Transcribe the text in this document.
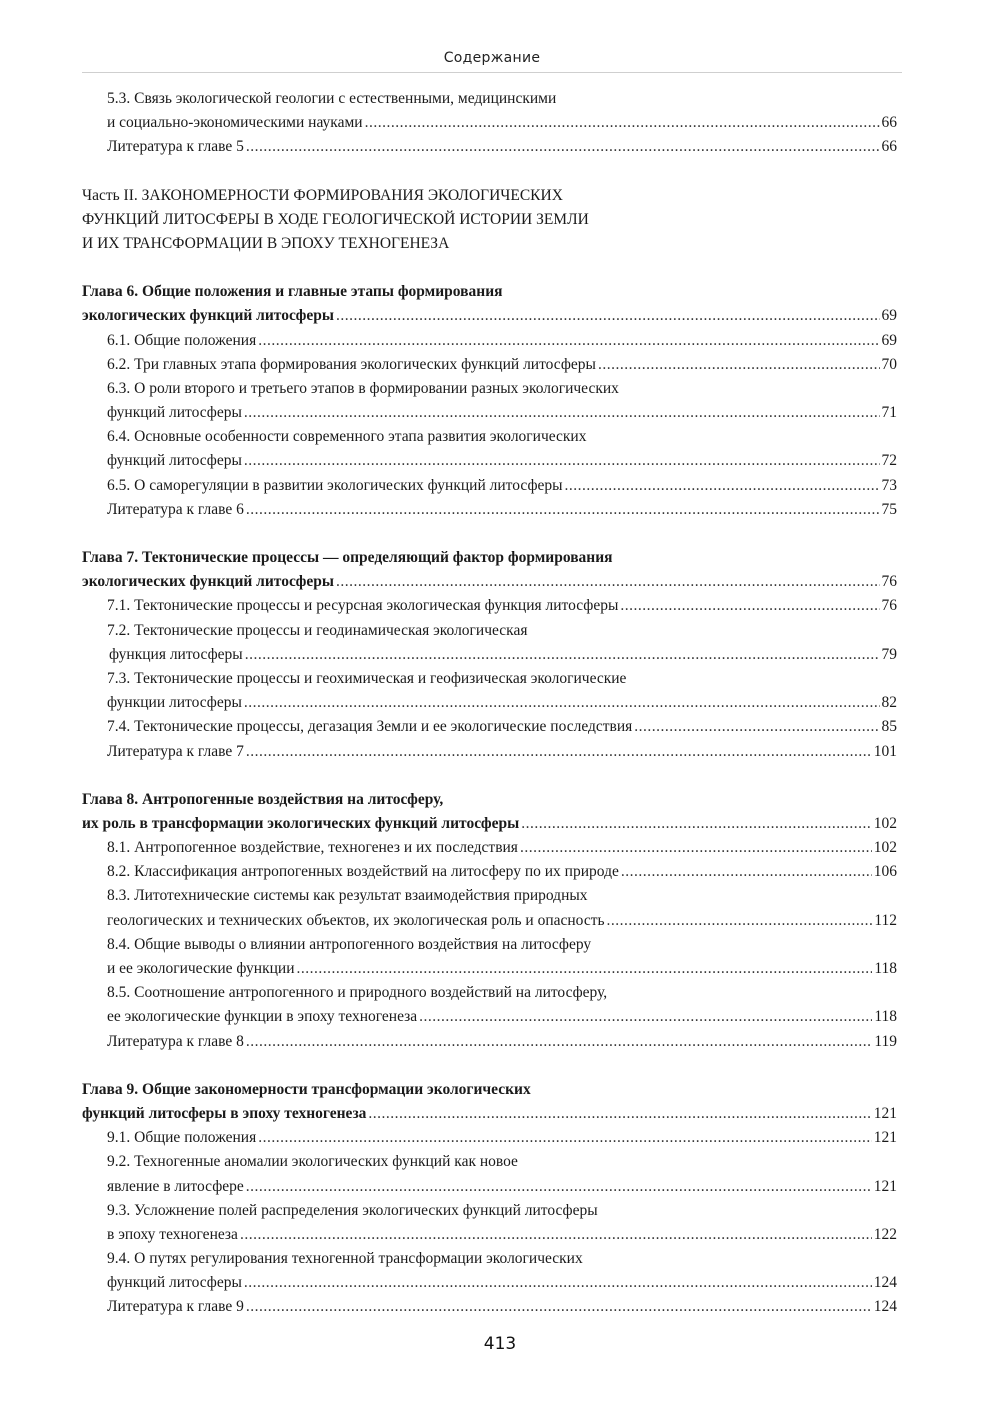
Содержание
5.3. Связь экологической геологии с естественными, медицинскими
и социально-экономическими науками .....	66
Литература к главе 5 .....	66
Часть II. ЗАКОНОМЕРНОСТИ ФОРМИРОВАНИЯ ЭКОЛОГИЧЕСКИХ
ФУНКЦИЙ ЛИТОСФЕРЫ В ХОДЕ ГЕОЛОГИЧЕСКОЙ ИСТОРИИ ЗЕМЛИ
И ИХ ТРАНСФОРМАЦИИ В ЭПОХУ ТЕХНОГЕНЕЗА
Глава 6. Общие положения и главные этапы формирования
экологических функций литосферы .....	69
6.1. Общие положения .....	69
6.2. Три главных этапа формирования экологических функций литосферы .....	70
6.3. О роли второго и третьего этапов в формировании разных экологических
функций литосферы .....	71
6.4. Основные особенности современного этапа развития экологических
функций литосферы .....	72
6.5. О саморегуляции в развитии экологических функций литосферы .....	73
Литература к главе 6 .....	75
Глава 7. Тектонические процессы — определяющий фактор формирования
экологических функций литосферы .....	76
7.1. Тектонические процессы и ресурсная экологическая функция литосферы .....	76
7.2. Тектонические процессы и геодинамическая экологическая
функция литосферы .....	79
7.3. Тектонические процессы и геохимическая и геофизическая экологические
функции литосферы .....	82
7.4. Тектонические процессы, дегазация Земли и ее экологические последствия .....	85
Литература к главе 7 .....	101
Глава 8. Антропогенные воздействия на литосферу,
их роль в трансформации экологических функций литосферы .....	102
8.1. Антропогенное воздействие, техногенез и их последствия .....	102
8.2. Классификация антропогенных воздействий на литосферу по их природе .....	106
8.3. Литотехнические системы как результат взаимодействия природных
геологических и технических объектов, их экологическая роль и опасность .....	112
8.4. Общие выводы о влиянии антропогенного воздействия на литосферу
и ее экологические функции .....	118
8.5. Соотношение антропогенного и природного воздействий на литосферу,
ее экологические функции в эпоху техногенеза .....	118
Литература к главе 8 .....	119
Глава 9. Общие закономерности трансформации экологических
функций литосферы в эпоху техногенеза .....	121
9.1. Общие положения .....	121
9.2. Техногенные аномалии экологических функций как новое
явление в литосфере .....	121
9.3. Усложнение полей распределения экологических функций литосферы
в эпоху техногенеза .....	122
9.4. О путях регулирования техногенной трансформации экологических
функций литосферы .....	124
Литература к главе 9 .....	124
413
